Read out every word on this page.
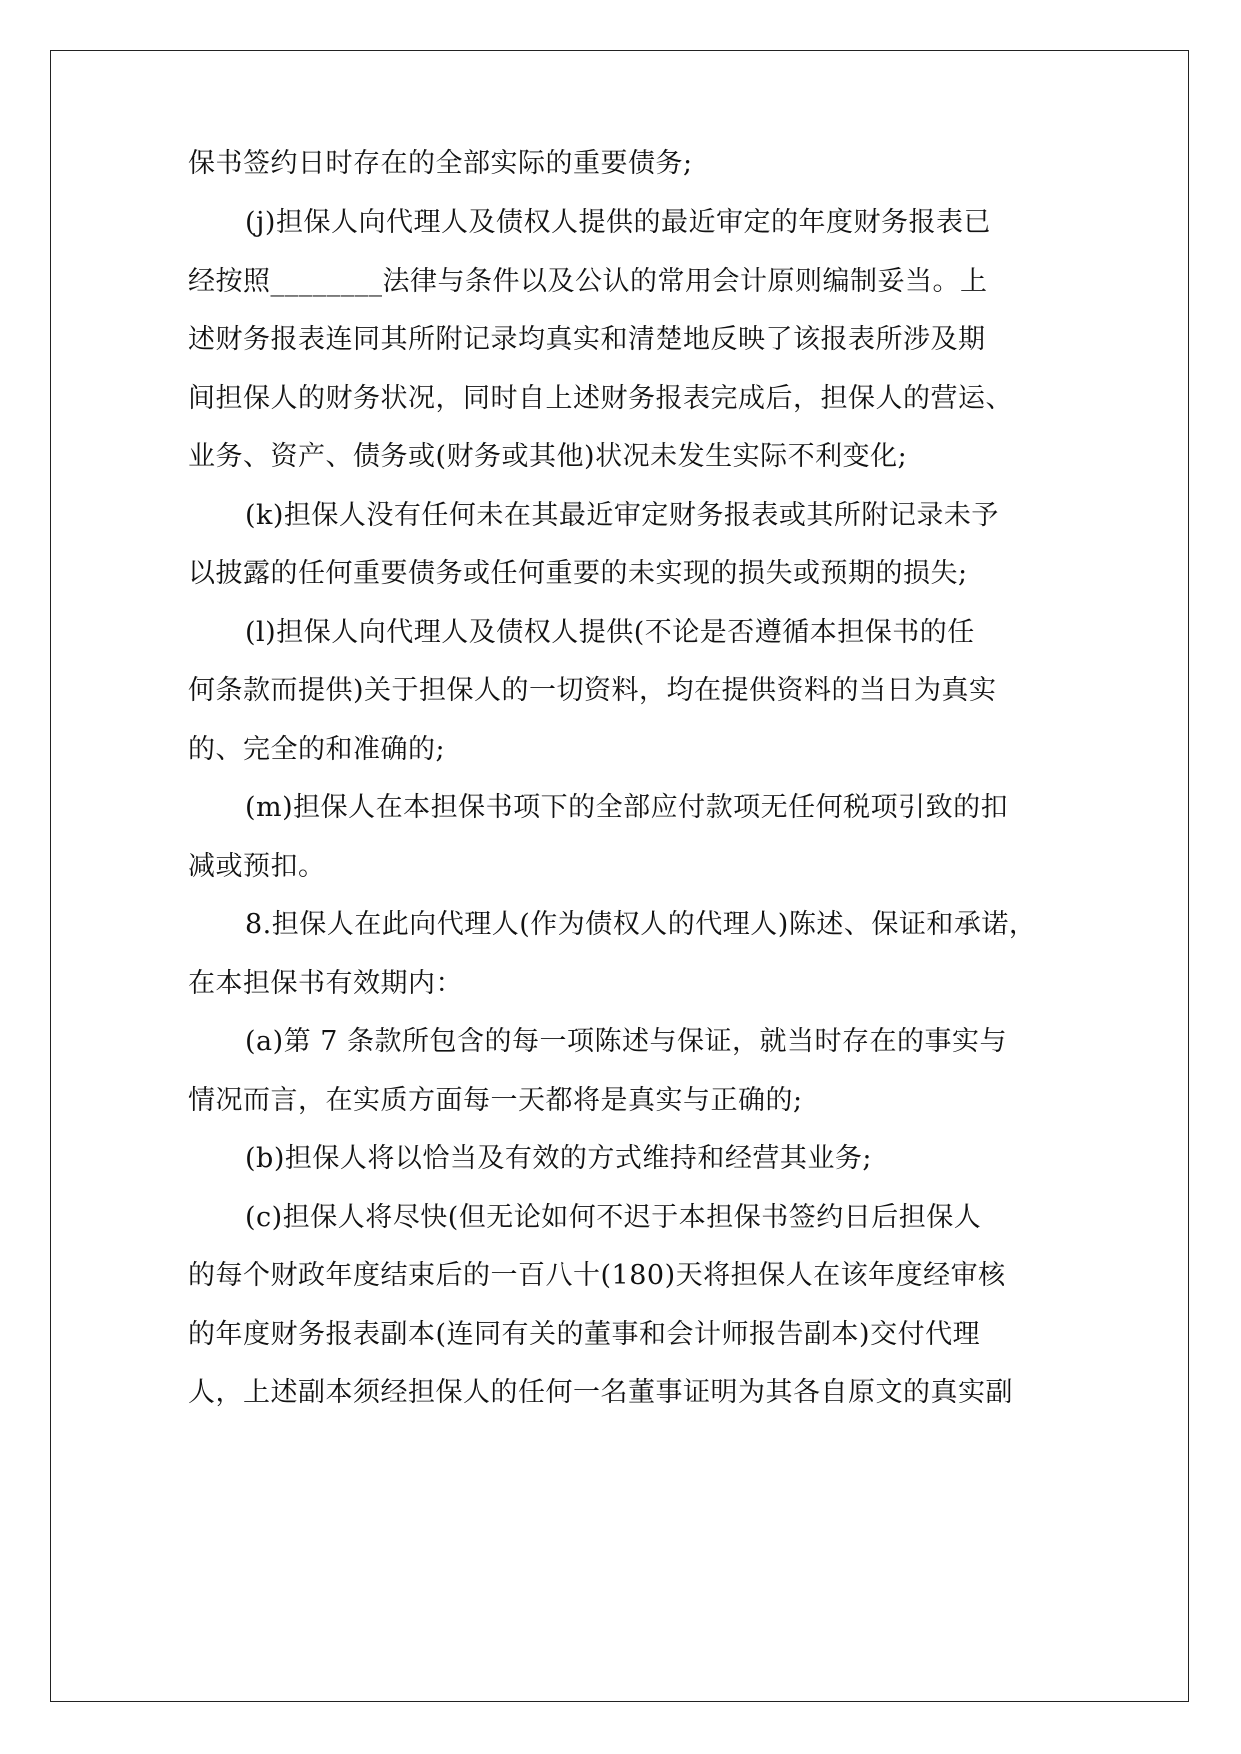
保书签约日时存在的全部实际的重要债务;
(j)担保人向代理人及债权人提供的最近审定的年度财务报表已
经按照________法律与条件以及公认的常用会计原则编制妥当。上
述财务报表连同其所附记录均真实和清楚地反映了该报表所涉及期
间担保人的财务状况，同时自上述财务报表完成后，担保人的营运、
业务、资产、债务或(财务或其他)状况未发生实际不利变化;
(k)担保人没有任何未在其最近审定财务报表或其所附记录未予
以披露的任何重要债务或任何重要的未实现的损失或预期的损失;
(l)担保人向代理人及债权人提供(不论是否遵循本担保书的任
何条款而提供)关于担保人的一切资料，均在提供资料的当日为真实
的、完全的和准确的;
(m)担保人在本担保书项下的全部应付款项无任何税项引致的扣
减或预扣。
8.担保人在此向代理人(作为债权人的代理人)陈述、保证和承诺，
在本担保书有效期内：
(a)第 7 条款所包含的每一项陈述与保证，就当时存在的事实与
情况而言，在实质方面每一天都将是真实与正确的;
(b)担保人将以恰当及有效的方式维持和经营其业务;
(c)担保人将尽快(但无论如何不迟于本担保书签约日后担保人
的每个财政年度结束后的一百八十(180)天将担保人在该年度经审核
的年度财务报表副本(连同有关的董事和会计师报告副本)交付代理
人，上述副本须经担保人的任何一名董事证明为其各自原文的真实副
